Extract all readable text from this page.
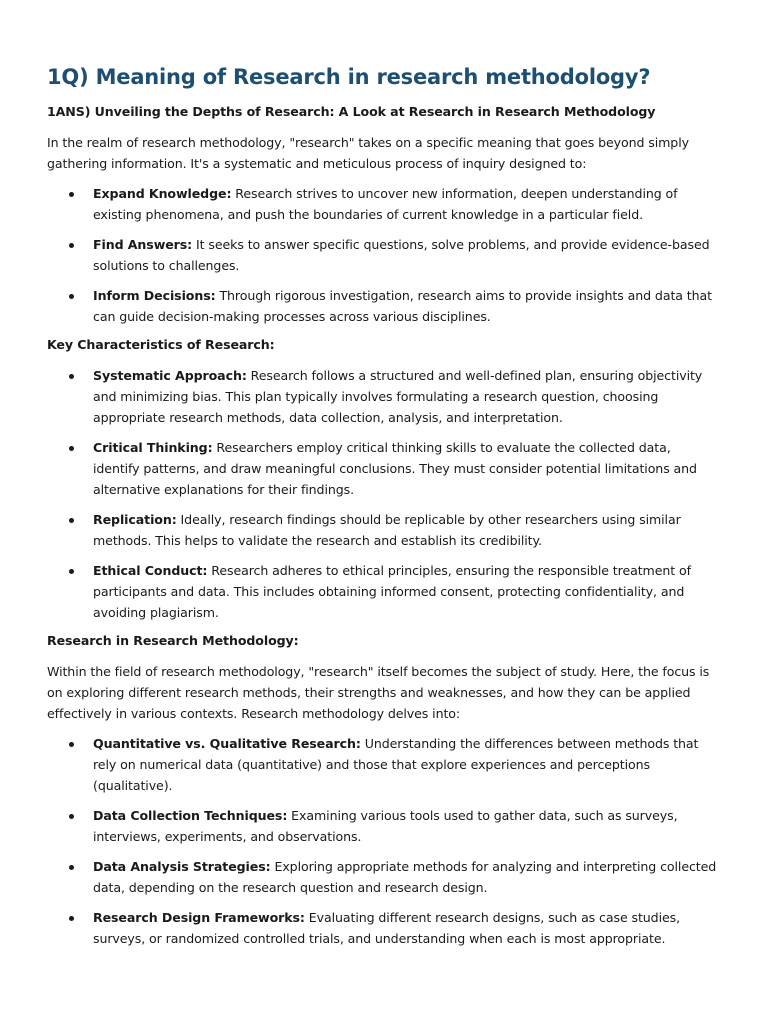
1Q) Meaning of Research in research methodology?
1ANS) Unveiling the Depths of Research: A Look at Research in Research Methodology

In the realm of research methodology, "research" takes on a specific meaning that goes beyond simply gathering information. It's a systematic and meticulous process of inquiry designed to:

Expand Knowledge: Research strives to uncover new information, deepen understanding of existing phenomena, and push the boundaries of current knowledge in a particular field.
Find Answers: It seeks to answer specific questions, solve problems, and provide evidence-based solutions to challenges.
Inform Decisions: Through rigorous investigation, research aims to provide insights and data that can guide decision-making processes across various disciplines.
Key Characteristics of Research:
Systematic Approach: Research follows a structured and well-defined plan, ensuring objectivity and minimizing bias. This plan typically involves formulating a research question, choosing appropriate research methods, data collection, analysis, and interpretation.
Critical Thinking: Researchers employ critical thinking skills to evaluate the collected data, identify patterns, and draw meaningful conclusions. They must consider potential limitations and alternative explanations for their findings.
Replication: Ideally, research findings should be replicable by other researchers using similar methods. This helps to validate the research and establish its credibility.
Ethical Conduct: Research adheres to ethical principles, ensuring the responsible treatment of participants and data. This includes obtaining informed consent, protecting confidentiality, and avoiding plagiarism.
Research in Research Methodology:

Within the field of research methodology, "research" itself becomes the subject of study. Here, the focus is on exploring different research methods, their strengths and weaknesses, and how they can be applied effectively in various contexts. Research methodology delves into:

Quantitative vs. Qualitative Research: Understanding the differences between methods that rely on numerical data (quantitative) and those that explore experiences and perceptions (qualitative).
Data Collection Techniques: Examining various tools used to gather data, such as surveys, interviews, experiments, and observations.
Data Analysis Strategies: Exploring appropriate methods for analyzing and interpreting collected data, depending on the research question and research design.
Research Design Frameworks: Evaluating different research designs, such as case studies, surveys, or randomized controlled trials, and understanding when each is most appropriate.
